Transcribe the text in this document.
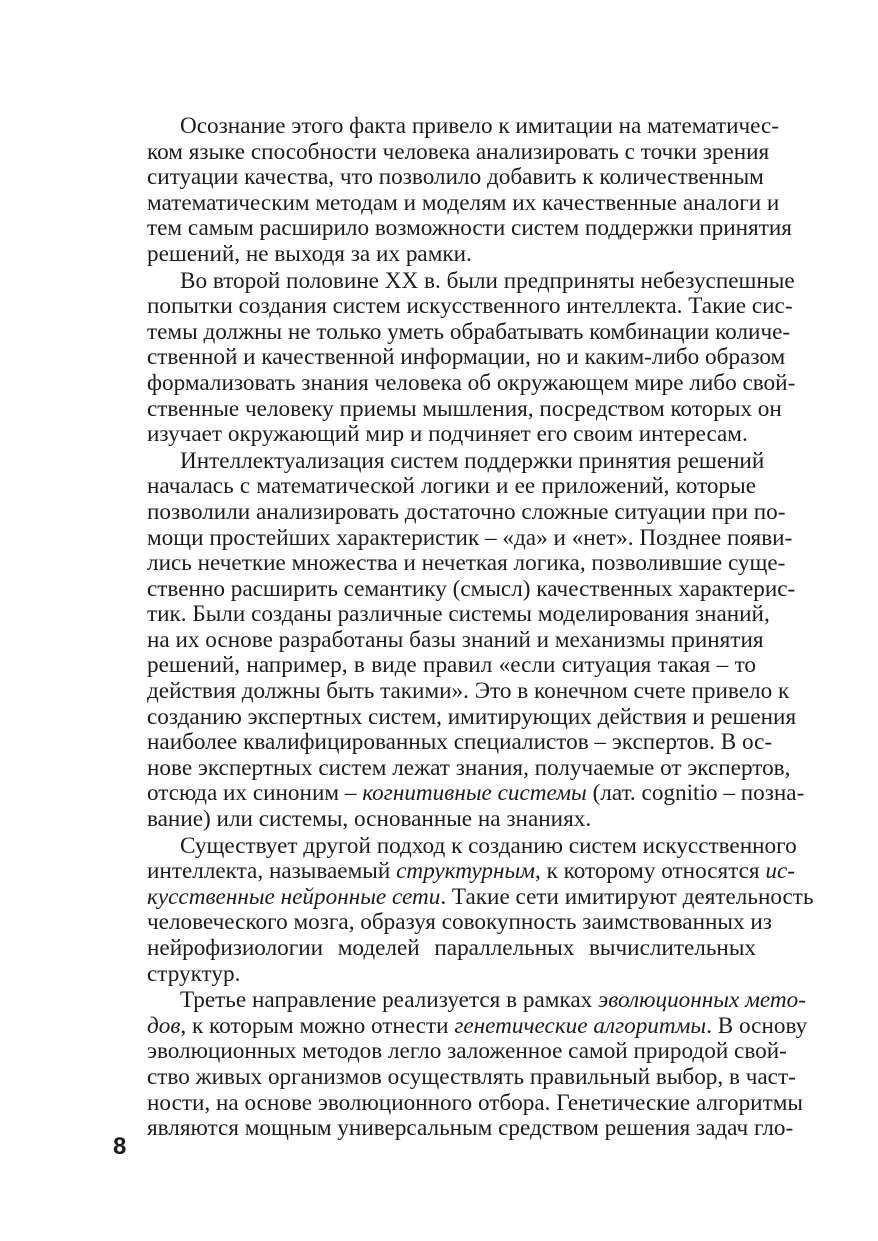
Осознание этого факта привело к имитации на математичес-
ком языке способности человека анализировать с точки зрения
ситуации качества, что позволило добавить к количественным
математическим методам и моделям их качественные аналоги и
тем самым расширило возможности систем поддержки принятия
решений, не выходя за их рамки.
Во второй половине XX в. были предприняты небезуспешные
попытки создания систем искусственного интеллекта. Такие сис-
темы должны не только уметь обрабатывать комбинации количе-
ственной и качественной информации, но и каким-либо образом
формализовать знания человека об окружающем мире либо свой-
ственные человеку приемы мышления, посредством которых он
изучает окружающий мир и подчиняет его своим интересам.
Интеллектуализация систем поддержки принятия решений
началась с математической логики и ее приложений, которые
позволили анализировать достаточно сложные ситуации при по-
мощи простейших характеристик – «да» и «нет». Позднее появи-
лись нечеткие множества и нечеткая логика, позволившие суще-
ственно расширить семантику (смысл) качественных характерис-
тик. Были созданы различные системы моделирования знаний,
на их основе разработаны базы знаний и механизмы принятия
решений, например, в виде правил «если ситуация такая – то
действия должны быть такими». Это в конечном счете привело к
созданию экспертных систем, имитирующих действия и решения
наиболее квалифицированных специалистов – экспертов. В ос-
нове экспертных систем лежат знания, получаемые от экспертов,
отсюда их синоним – когнитивные системы (лат. cognitio – позна-
вание) или системы, основанные на знаниях.
Существует другой подход к созданию систем искусственного
интеллекта, называемый структурным, к которому относятся ис-
кусственные нейронные сети. Такие сети имитируют деятельность
человеческого мозга, образуя совокупность заимствованных из
нейрофизиологии моделей параллельных вычислительных
структур.
Третье направление реализуется в рамках эволюционных мето-
дов, к которым можно отнести генетические алгоритмы. В основу
эволюционных методов легло заложенное самой природой свой-
ство живых организмов осуществлять правильный выбор, в част-
ности, на основе эволюционного отбора. Генетические алгоритмы
являются мощным универсальным средством решения задач гло-
8
